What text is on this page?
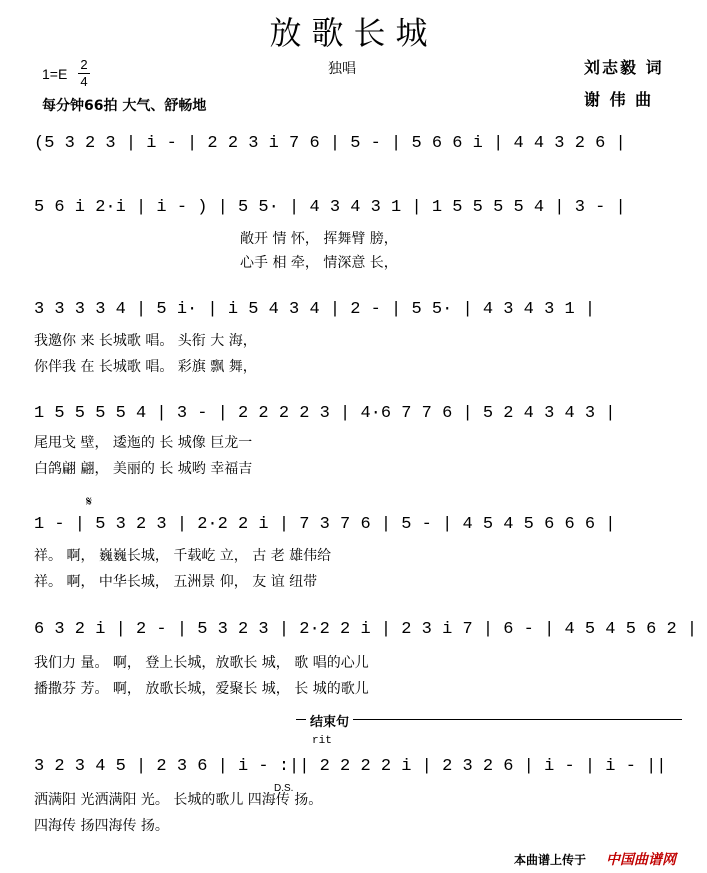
放歌长城
1=E
2
4
独唱	刘志毅 词
谢 伟 曲
每分钟66拍 大气、舒畅地
(5 3 2 3 | i - | 2 2 3 i 7 6 | 5 - | 5 6 6 i | 4 4 3 2 6 |
5 6 i 2·i | i - ) | 5 5· | 4 3 4 3 1 | 1 5 5 5 5 4 | 3 - |
敞开 情 怀， 挥舞臂 膀，
心手 相 牵， 情深意 长，
3 3 3 3 4 | 5 i· | i 5 4 3 4 | 2 - | 5 5· | 4 3 4 3 1 |
我邀你 来 长城歌 唱。 头衔 大 海，
你伴我 在 长城歌 唱。 彩旗 飘 舞，
1 5 5 5 5 4 | 3 - | 2 2 2 2 3 | 4·6 7 7 6 | 5 2 4 3 4 3 |
尾甩戈 壁， 逶迤的 长 城像 巨龙一
白鸽翩 翩， 美丽的 长 城哟 幸福吉
𝄋
1 - | 5 3 2 3 | 2·2 2 i | 7 3 7 6 | 5 - | 4 5 4 5 6 6 6 |
祥。 啊， 巍巍长城， 千载屹 立， 古 老 雄伟给
祥。 啊， 中华长城， 五洲景 仰， 友 谊 纽带
6 3 2 i | 2 - | 5 3 2 3 | 2·2 2 i | 2 3 i 7 | 6 - | 4 5 4 5 6 2 |
我们力 量。 啊， 登上长城，放歌长 城， 歌 唱的心儿
播撒芬 芳。 啊， 放歌长城，爱聚长 城， 长 城的歌儿
结束句
rit
D.S.
3 2 3 4 5 | 2 3 6 | i - :|| 2 2 2 2 i | 2 3 2 6 | i - | i - ||
洒满阳 光洒满阳 光。 长城的歌儿 四海传 扬。
四海传 扬四海传 扬。
本曲谱上传于 中国曲谱网
